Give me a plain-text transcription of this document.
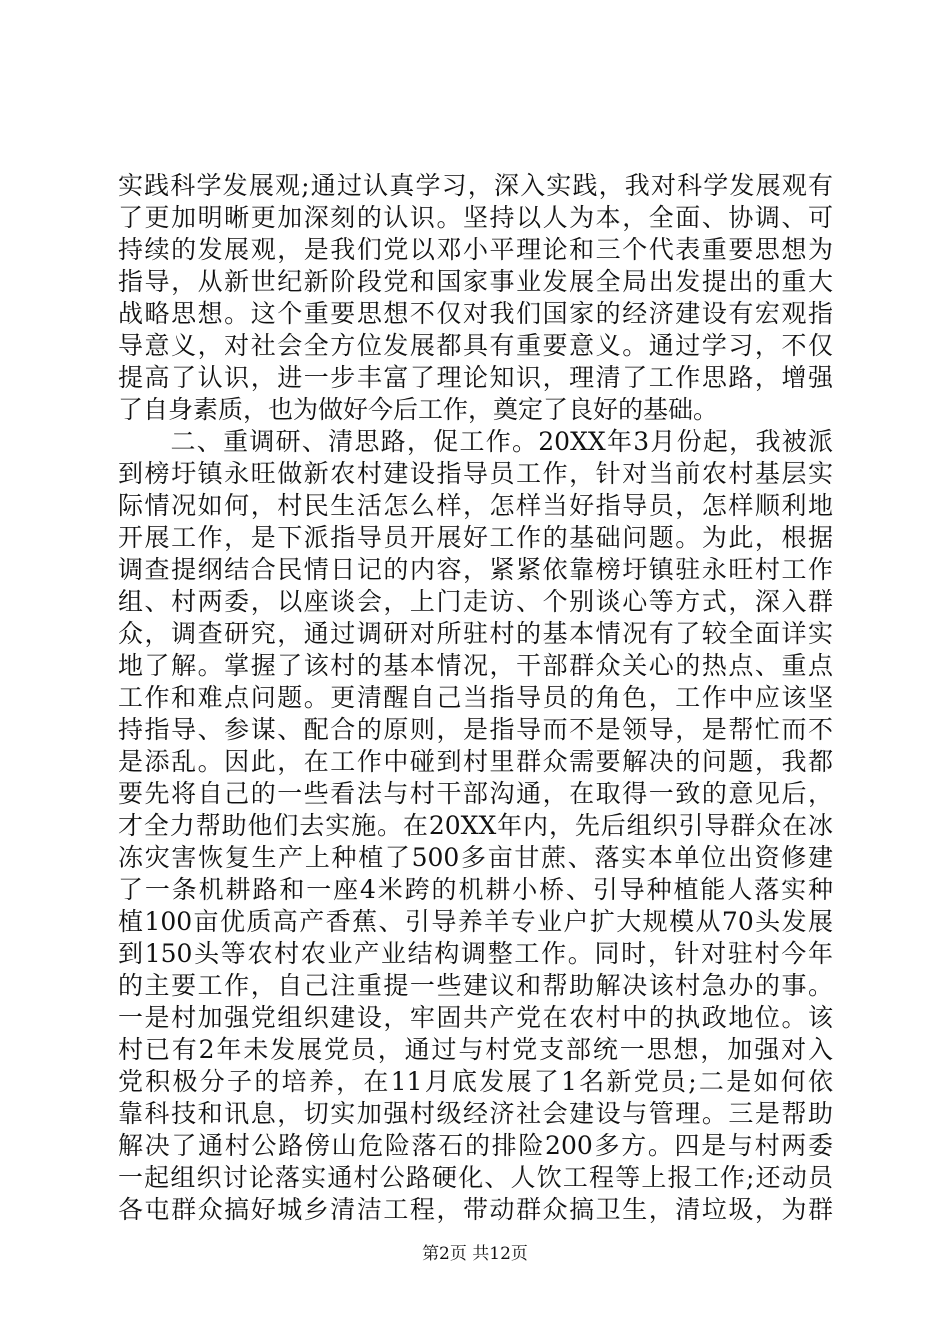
实践科学发展观;通过认真学习，深入实践，我对科学发展观有
了更加明晰更加深刻的认识。坚持以人为本，全面、协调、可
持续的发展观，是我们党以邓小平理论和三个代表重要思想为
指导，从新世纪新阶段党和国家事业发展全局出发提出的重大
战略思想。这个重要思想不仅对我们国家的经济建设有宏观指
导意义，对社会全方位发展都具有重要意义。通过学习，不仅
提高了认识，进一步丰富了理论知识，理清了工作思路，增强
了自身素质，也为做好今后工作，奠定了良好的基础。
　　二、重调研、清思路，促工作。20XX年3月份起，我被派
到榜圩镇永旺做新农村建设指导员工作，针对当前农村基层实
际情况如何，村民生活怎么样，怎样当好指导员，怎样顺利地
开展工作，是下派指导员开展好工作的基础问题。为此，根据
调查提纲结合民情日记的内容，紧紧依靠榜圩镇驻永旺村工作
组、村两委，以座谈会，上门走访、个别谈心等方式，深入群
众，调查研究，通过调研对所驻村的基本情况有了较全面详实
地了解。掌握了该村的基本情况，干部群众关心的热点、重点
工作和难点问题。更清醒自己当指导员的角色，工作中应该坚
持指导、参谋、配合的原则，是指导而不是领导，是帮忙而不
是添乱。因此，在工作中碰到村里群众需要解决的问题，我都
要先将自己的一些看法与村干部沟通，在取得一致的意见后，
才全力帮助他们去实施。在20XX年内，先后组织引导群众在冰
冻灾害恢复生产上种植了500多亩甘蔗、落实本单位出资修建
了一条机耕路和一座4米跨的机耕小桥、引导种植能人落实种
植100亩优质高产香蕉、引导养羊专业户扩大规模从70头发展
到150头等农村农业产业结构调整工作。同时，针对驻村今年
的主要工作，自己注重提一些建议和帮助解决该村急办的事。
一是村加强党组织建设，牢固共产党在农村中的执政地位。该
村已有2年未发展党员，通过与村党支部统一思想，加强对入
党积极分子的培养，在11月底发展了1名新党员;二是如何依
靠科技和讯息，切实加强村级经济社会建设与管理。三是帮助
解决了通村公路傍山危险落石的排险200多方。四是与村两委
一起组织讨论落实通村公路硬化、人饮工程等上报工作;还动员
各屯群众搞好城乡清洁工程，带动群众搞卫生，清垃圾，为群
第2页 共12页
